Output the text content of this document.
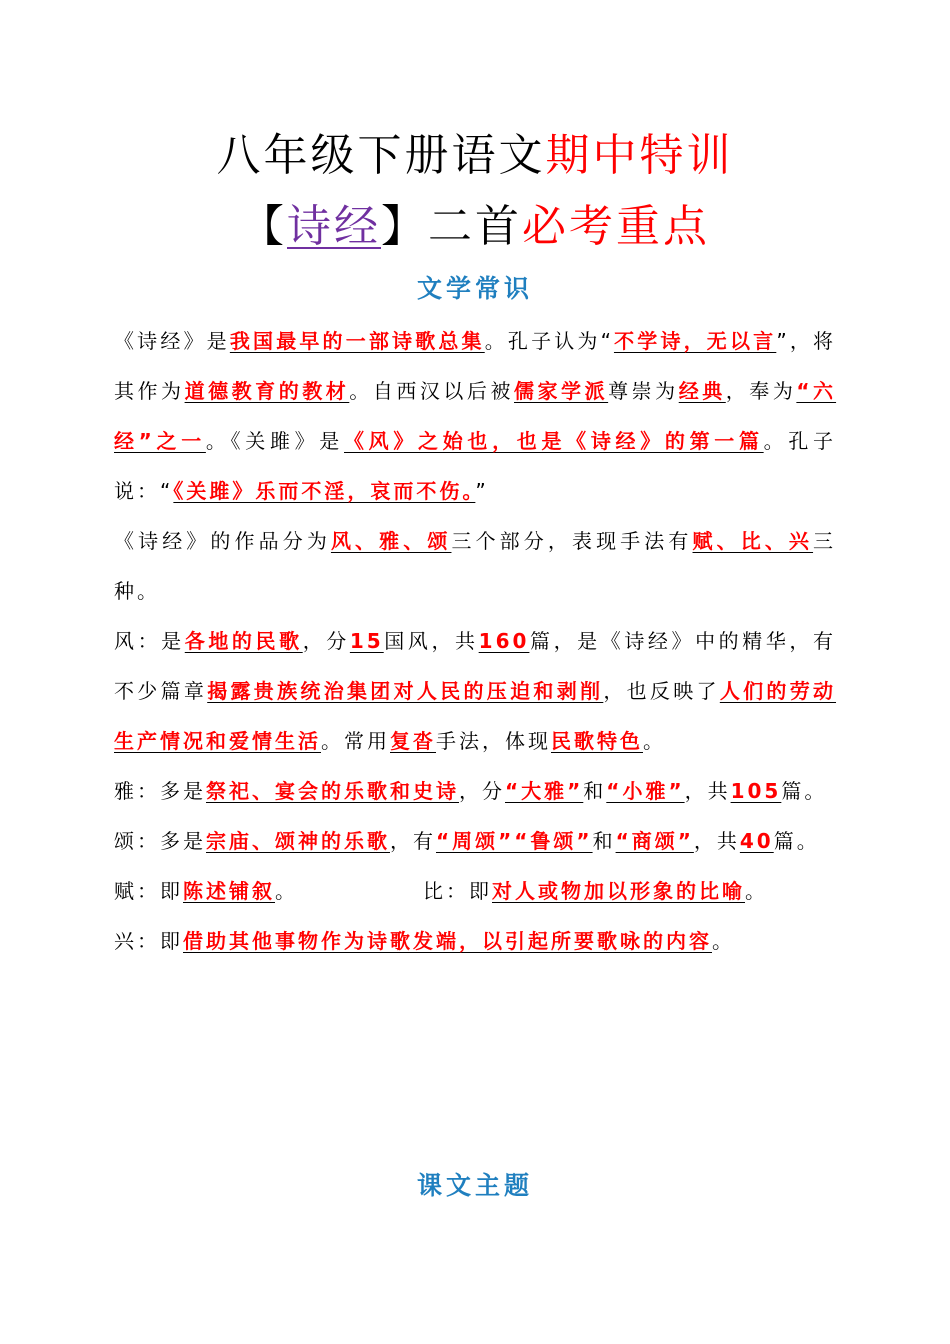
八年级下册语文期中特训
【诗经】二首必考重点
文学常识

《诗经》是我国最早的一部诗歌总集。孔子认为“不学诗，无以言”，将其作为道德教育的教材。自西汉以后被儒家学派尊崇为经典，奉为“六经”之一。《关雎》是《风》之始也，也是《诗经》的第一篇。孔子说：“《关雎》乐而不淫，哀而不伤。”

《诗经》的作品分为风、雅、颂三个部分，表现手法有赋、比、兴三种。

风：是各地的民歌，分15国风，共160篇，是《诗经》中的精华，有不少篇章揭露贵族统治集团对人民的压迫和剥削，也反映了人们的劳动生产情况和爱情生活。常用复沓手法，体现民歌特色。

雅：多是祭祀、宴会的乐歌和史诗，分“大雅”和“小雅”，共105篇。

颂：多是宗庙、颂神的乐歌，有“周颂”“鲁颂”和“商颂”，共40篇。

赋：即陈述铺叙。	比：即对人或物加以形象的比喻。

兴：即借助其他事物作为诗歌发端，以引起所要歌咏的内容。

课文主题
